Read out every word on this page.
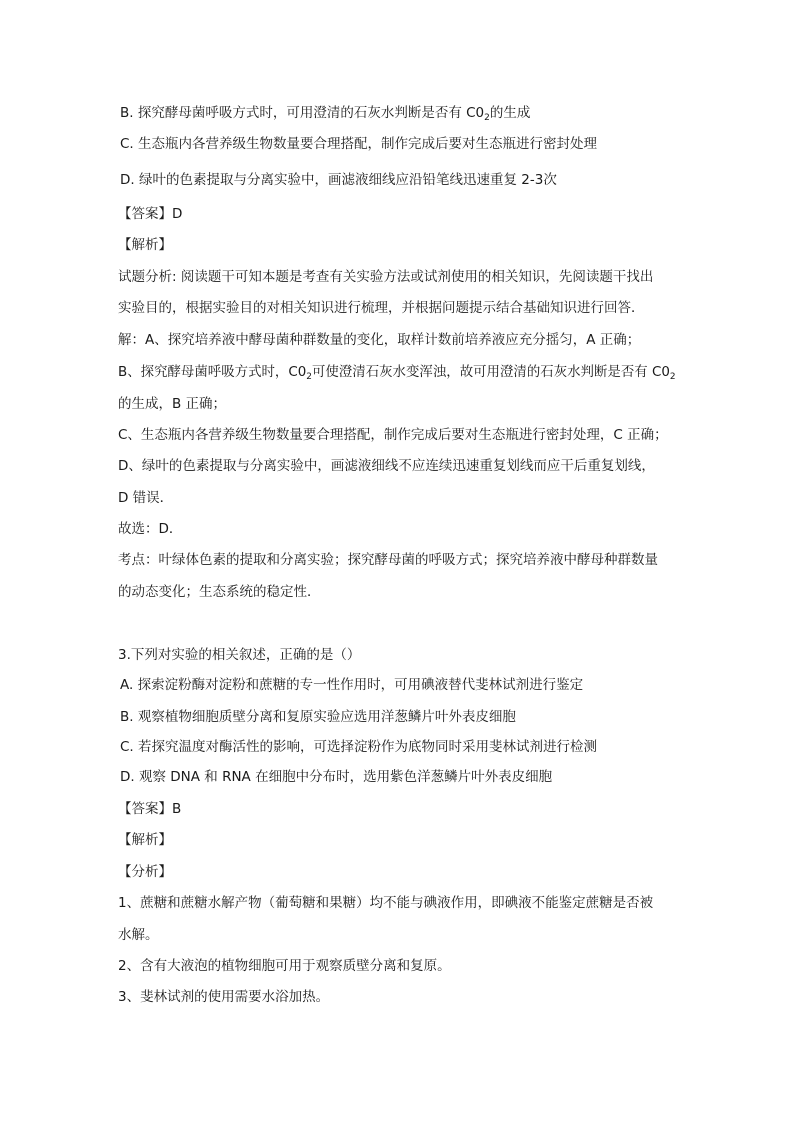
B. 探究酵母菌呼吸方式时，可用澄清的石灰水判断是否有 $C0_2$的生成

C. 生态瓶内各营养级生物数量要合理搭配，制作完成后要对生态瓶进行密封处理

D. 绿叶的色素提取与分离实验中，画滤液细线应沿铅笔线迅速重复 2-3次

【答案】D

【解析】

试题分析: 阅读题干可知本题是考查有关实验方法或试剂使用的相关知识，先阅读题干找出

实验目的，根据实验目的对相关知识进行梳理，并根据问题提示结合基础知识进行回答．

解：A、探究培养液中酵母菌种群数量的变化，取样计数前培养液应充分摇匀，A 正确；

B、探究酵母菌呼吸方式时，$C0_2$可使澄清石灰水变浑浊，故可用澄清的石灰水判断是否有 $C0_2$

的生成，B 正确；

C、生态瓶内各营养级生物数量要合理搭配，制作完成后要对生态瓶进行密封处理，C 正确；

D、绿叶的色素提取与分离实验中，画滤液细线不应连续迅速重复划线而应干后重复划线，

D 错误．

故选：D．

考点：叶绿体色素的提取和分离实验；探究酵母菌的呼吸方式；探究培养液中酵母种群数量

的动态变化；生态系统的稳定性．

3.下列对实验的相关叙述，正确的是（）

A. 探索淀粉酶对淀粉和蔗糖的专一性作用时，可用碘液替代斐林试剂进行鉴定

B. 观察植物细胞质壁分离和复原实验应选用洋葱鳞片叶外表皮细胞

C. 若探究温度对酶活性的影响，可选择淀粉作为底物同时采用斐林试剂进行检测

D. 观察 DNA 和 RNA 在细胞中分布时，选用紫色洋葱鳞片叶外表皮细胞

【答案】B

【解析】

【分析】

1、蔗糖和蔗糖水解产物（葡萄糖和果糖）均不能与碘液作用，即碘液不能鉴定蔗糖是否被

水解。

2、含有大液泡的植物细胞可用于观察质壁分离和复原。

3、斐林试剂的使用需要水浴加热。
